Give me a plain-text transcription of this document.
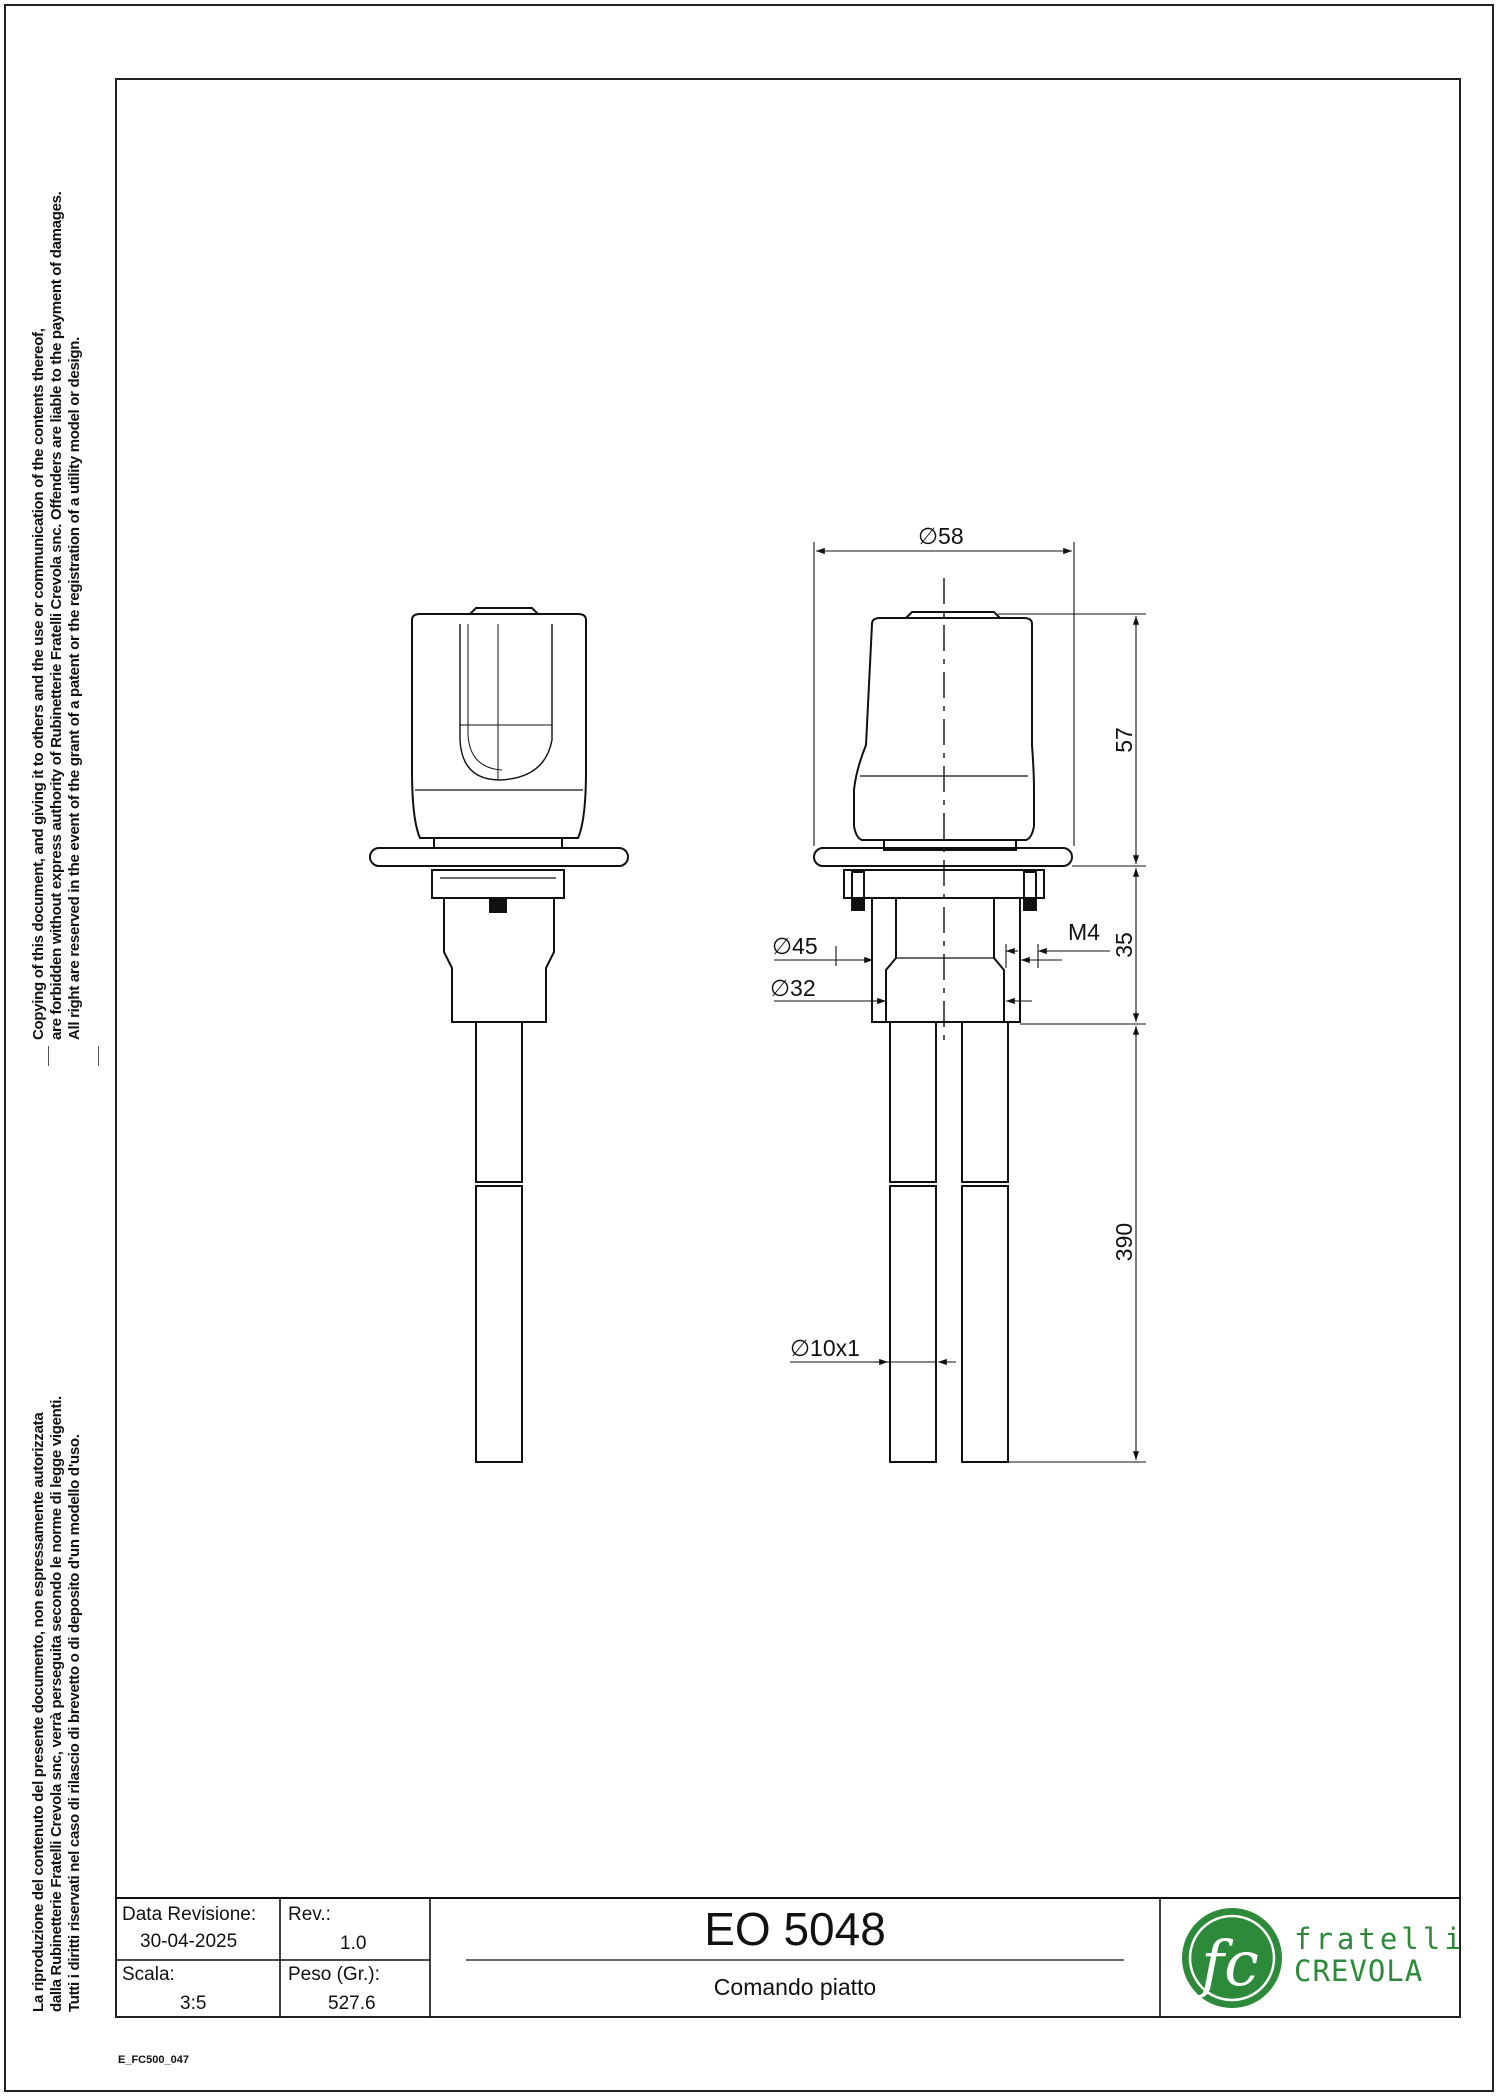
Copying of this document, and giving it to others and the use or communication of the contents thereof, are forbidden without express authority of Rubinetterie Fratelli Crevola snc. Offenders are liable to the payment of damages. All right are reserved in the event of the grant of a patent or the registration of a utility model or design.
La riproduzione del contenuto del presente documento, non espressamente autorizzata dalla Rubinetterie Fratelli Crevola snc, verrà perseguita secondo le norme di legge vigenti. Tutti i diritti riservati nel caso di rilascio di brevetto o di deposito d'un modello d'uso.
∅58
57
M4 35
∅45
∅32
390
∅10x1
fc
Data Revisione:
30-04-2025
Rev.:
1.0
Scala:
3:5
Peso (Gr.):
527.6
EO 5048
Comando piatto
fratelli
CREVOLA
E_FC500_047
